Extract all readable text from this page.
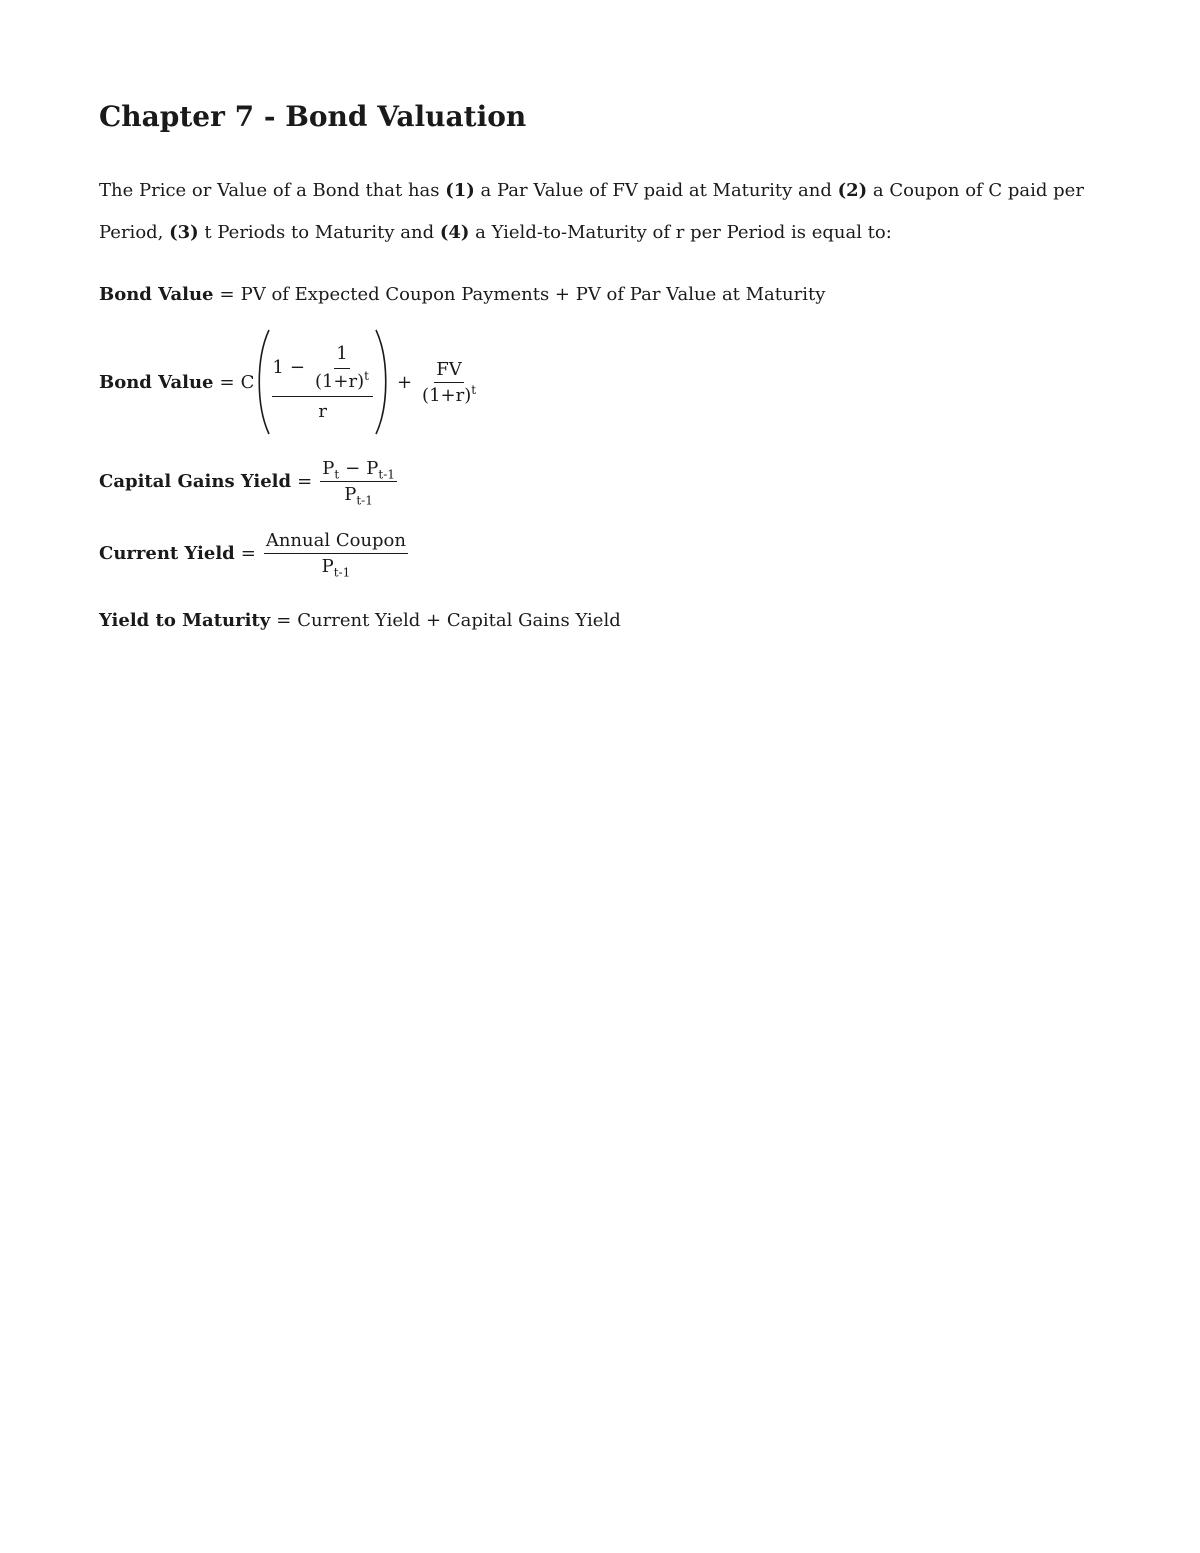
Chapter 7 - Bond Valuation

The Price or Value of a Bond that has (1) a Par Value of FV paid at Maturity and (2) a Coupon of C paid per Period, (3) t Periods to Maturity and (4) a Yield-to-Maturity of r per Period is equal to:

Bond Value = PV of Expected Coupon Payments + PV of Par Value at Maturity
Bond Value = C $\frac{1 - \frac{1}{(1+r)^t}}{r} + \frac{FV}{(1+r)^t}$
Capital Gains Yield = $\frac{P_t - P_{t-1}}{P_{t-1}}$
Current Yield = $\frac{\text{Annual Coupon}}{P_{t-1}}$
Yield to Maturity = Current Yield + Capital Gains Yield
